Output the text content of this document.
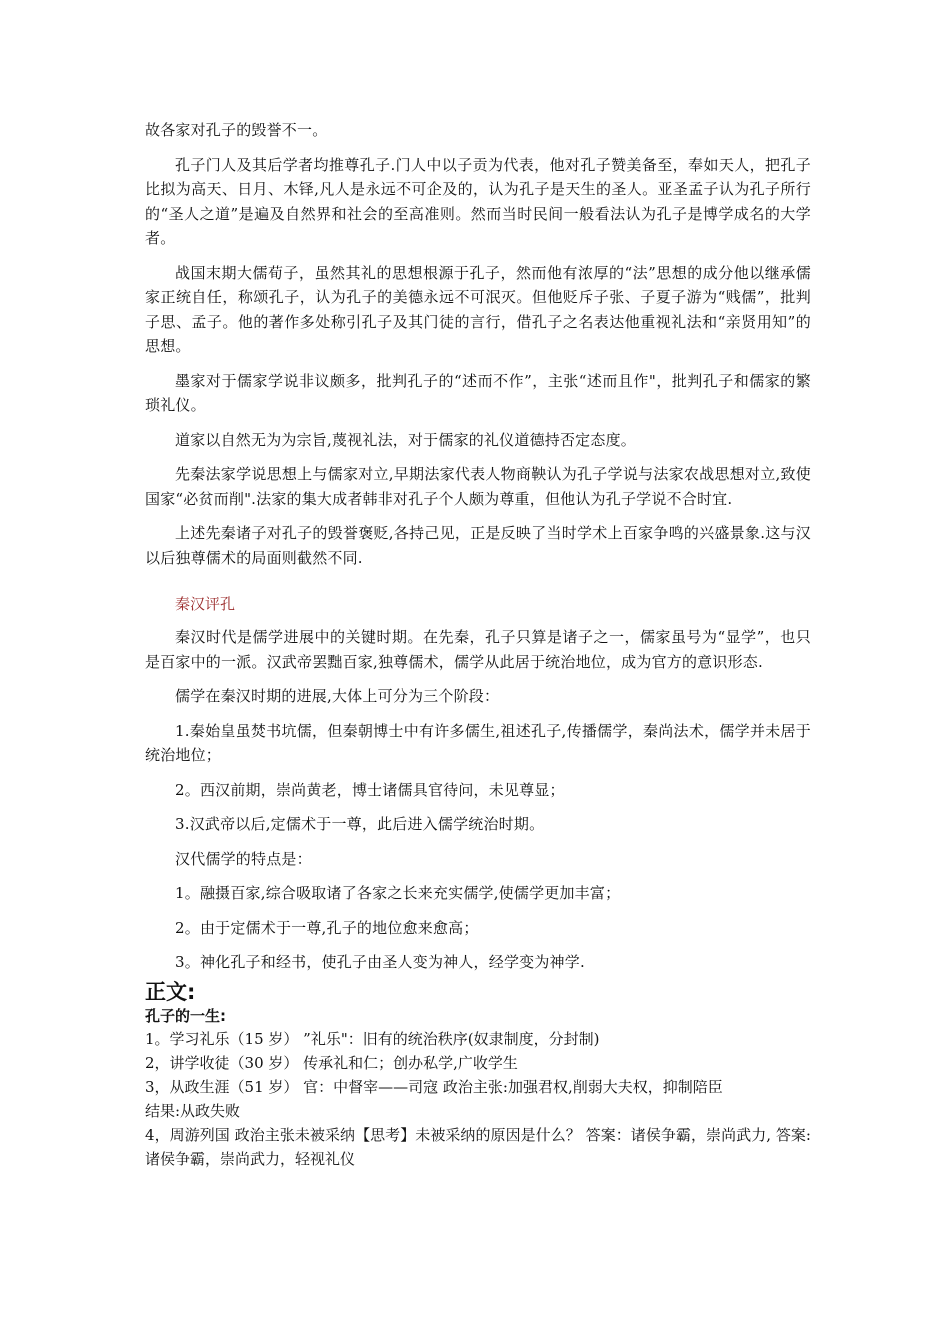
故各家对孔子的毁誉不一。

孔子门人及其后学者均推尊孔子.门人中以子贡为代表，他对孔子赞美备至，奉如天人，把孔子比拟为高天、日月、木铎,凡人是永远不可企及的，认为孔子是天生的圣人。亚圣孟子认为孔子所行的“圣人之道”是遍及自然界和社会的至高准则。然而当时民间一般看法认为孔子是博学成名的大学者。

战国末期大儒荀子，虽然其礼的思想根源于孔子，然而他有浓厚的“法”思想的成分他以继承儒家正统自任，称颂孔子，认为孔子的美德永远不可泯灭。但他贬斥子张、子夏子游为“贱儒”，批判子思、孟子。他的著作多处称引孔子及其门徒的言行，借孔子之名表达他重视礼法和“亲贤用知”的思想。

墨家对于儒家学说非议颇多，批判孔子的“述而不作”，主张“述而且作"，批判孔子和儒家的繁琐礼仪。

道家以自然无为为宗旨,蔑视礼法，对于儒家的礼仪道德持否定态度。

先秦法家学说思想上与儒家对立,早期法家代表人物商鞅认为孔子学说与法家农战思想对立,致使国家“必贫而削".法家的集大成者韩非对孔子个人颇为尊重，但他认为孔子学说不合时宜.

上述先秦诸子对孔子的毁誉褒贬,各持己见，正是反映了当时学术上百家争鸣的兴盛景象.这与汉以后独尊儒术的局面则截然不同.

秦汉评孔

秦汉时代是儒学进展中的关键时期。在先秦，孔子只算是诸子之一，儒家虽号为“显学”，也只是百家中的一派。汉武帝罢黜百家,独尊儒术，儒学从此居于统治地位，成为官方的意识形态.

儒学在秦汉时期的进展,大体上可分为三个阶段：

1.秦始皇虽焚书坑儒，但秦朝博士中有许多儒生,祖述孔子,传播儒学，秦尚法术，儒学并未居于统治地位；

2。西汉前期，崇尚黄老，博士诸儒具官待问，未见尊显；

3.汉武帝以后,定儒术于一尊，此后进入儒学统治时期。

汉代儒学的特点是：

1。融摄百家,综合吸取诸了各家之长来充实儒学,使儒学更加丰富；

2。由于定儒术于一尊,孔子的地位愈来愈高；

3。神化孔子和经书，使孔子由圣人变为神人，经学变为神学.

正文:
孔子的一生:

1。学习礼乐（15 岁） ”礼乐"：旧有的统治秩序(奴隶制度，分封制)

2，讲学收徒（30 岁） 传承礼和仁；创办私学,广收学生

3，从政生涯（51 岁） 官：中督宰——司寇 政治主张:加强君权,削弱大夫权，抑制陪臣

结果:从政失败

4，周游列国 政治主张未被采纳【思考】未被采纳的原因是什么？ 答案：诸侯争霸，崇尚武力, 答案:诸侯争霸，崇尚武力，轻视礼仪
